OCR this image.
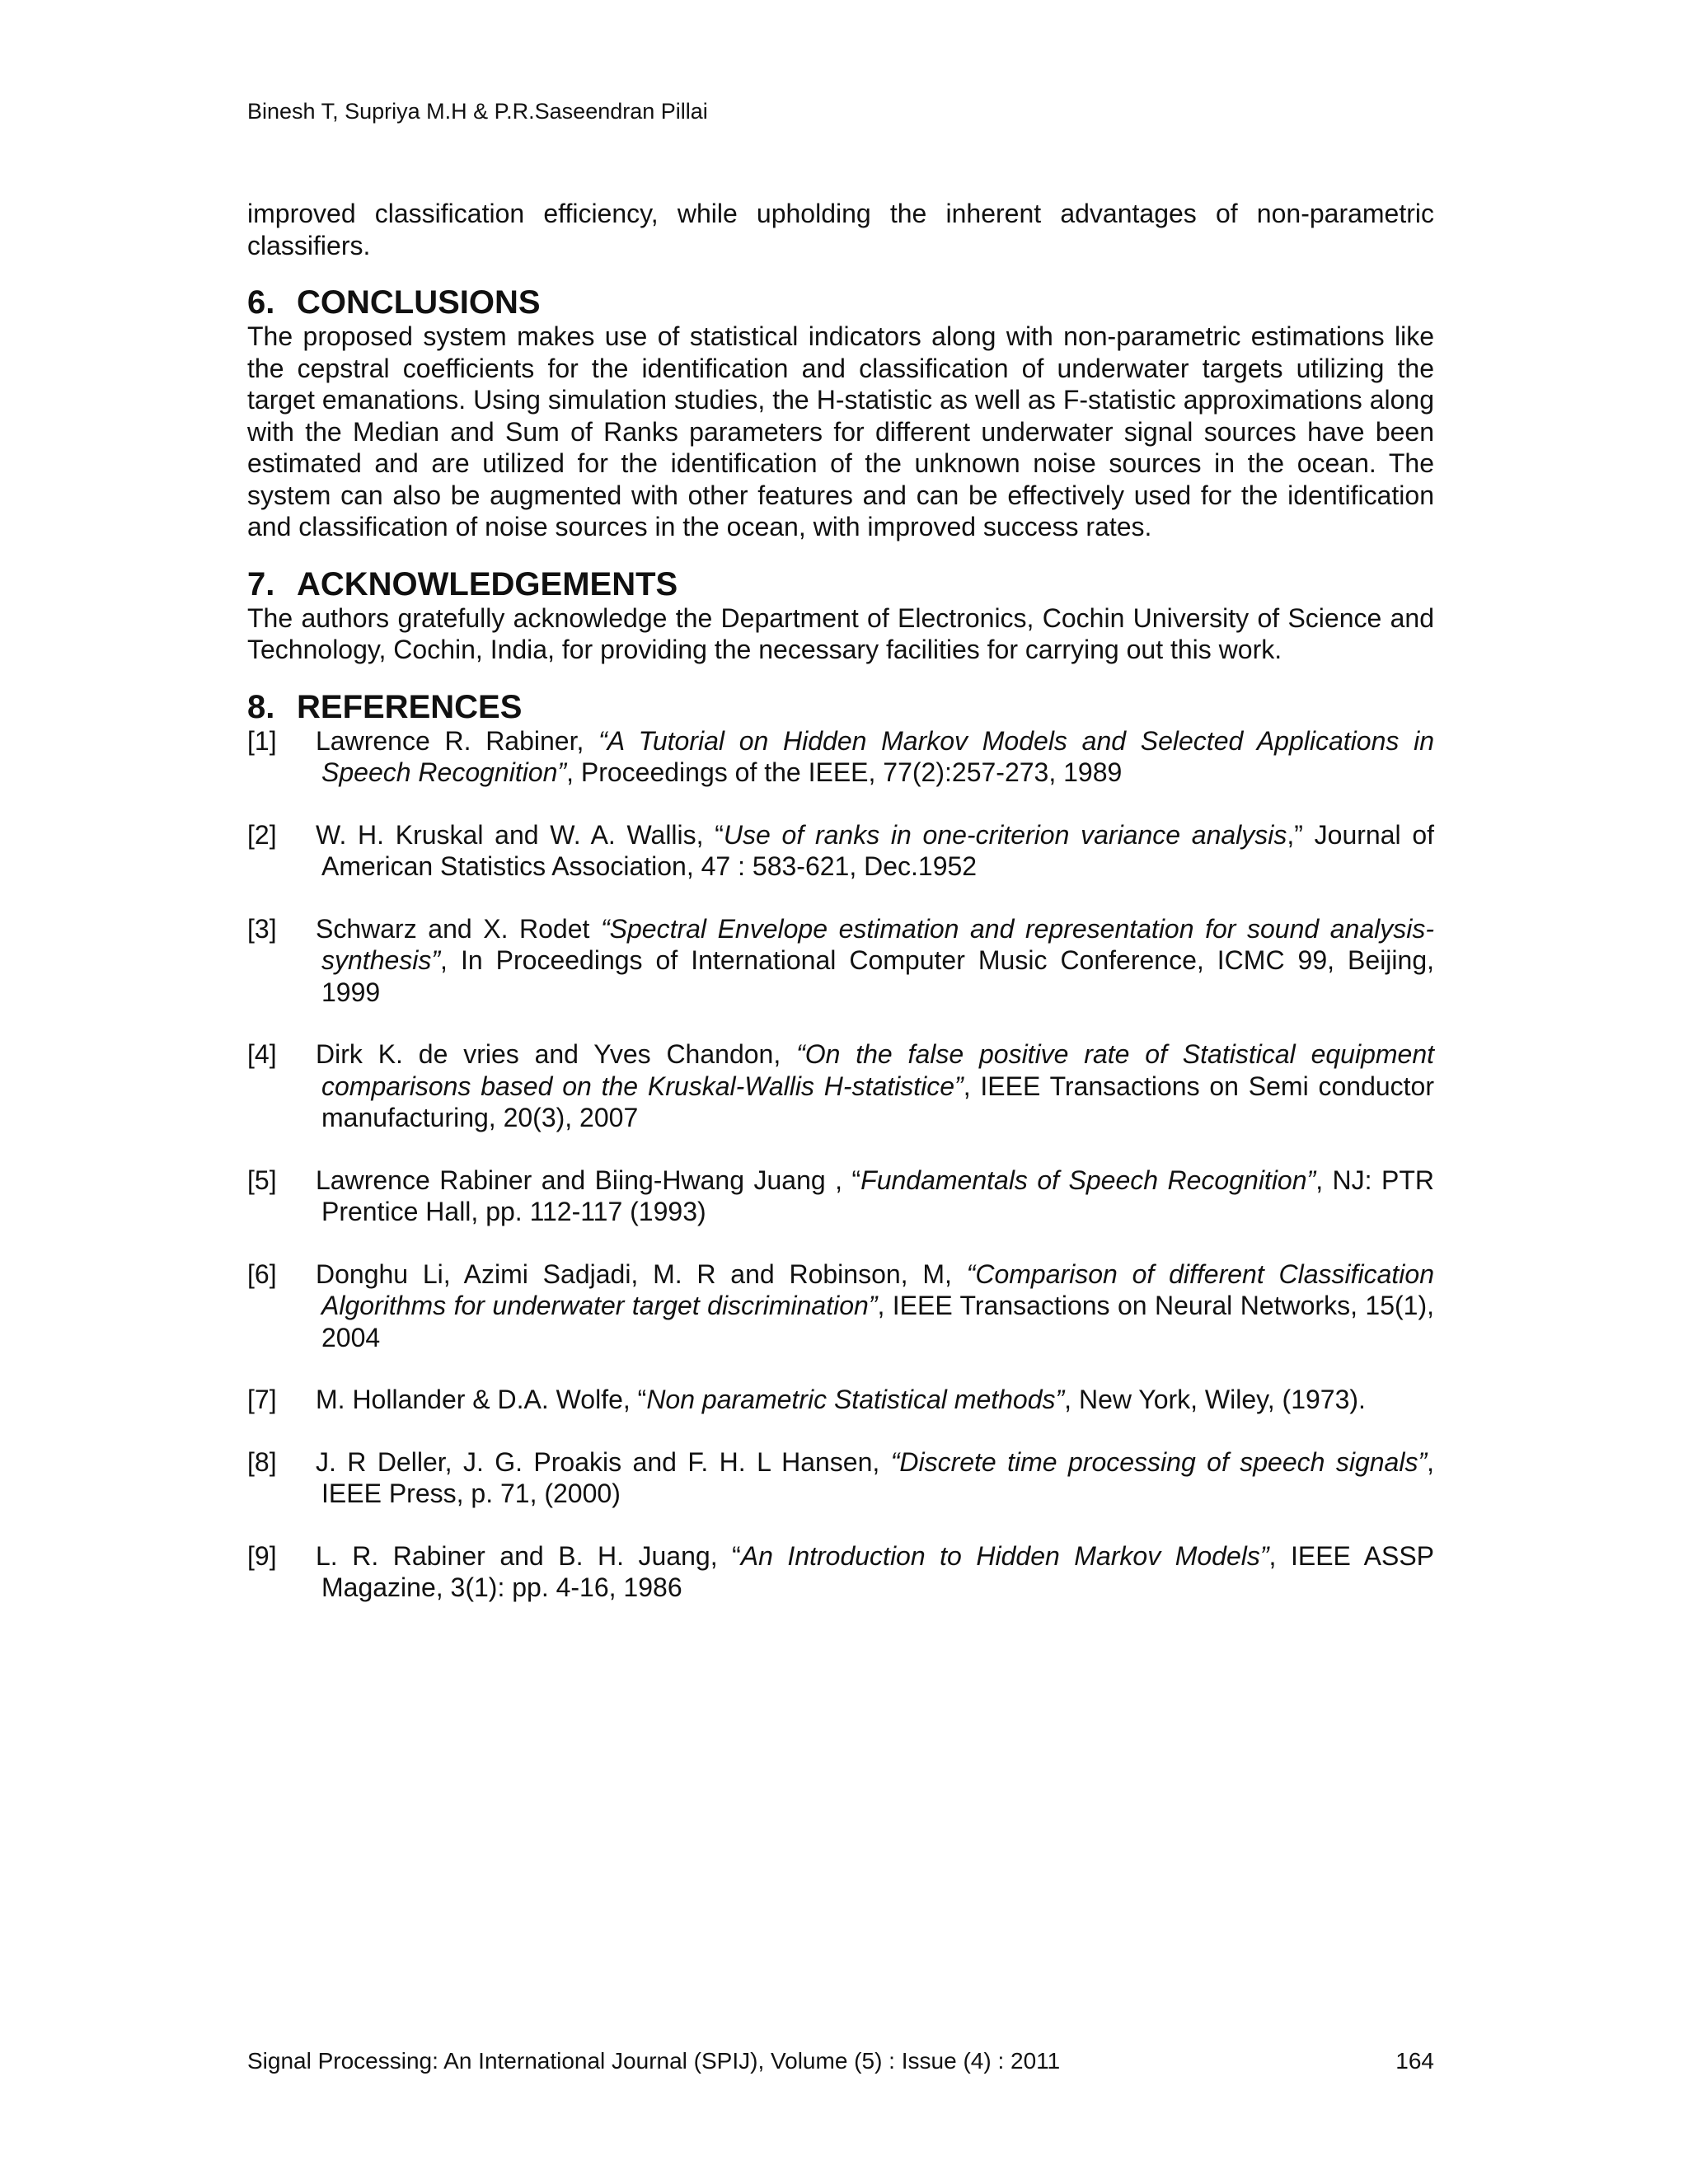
Binesh T, Supriya M.H & P.R.Saseendran Pillai

improved classification efficiency, while upholding the inherent advantages of non-parametric classifiers.

6. CONCLUSIONS

The proposed system makes use of statistical indicators along with non-parametric estimations like the cepstral coefficients for the identification and classification of underwater targets utilizing the target emanations. Using simulation studies, the H-statistic as well as F-statistic approximations along with the Median and Sum of Ranks parameters for different underwater signal sources have been estimated and are utilized for the identification of the unknown noise sources in the ocean. The system can also be augmented with other features and can be effectively used for the identification and classification of noise sources in the ocean, with improved success rates.

7. ACKNOWLEDGEMENTS

The authors gratefully acknowledge the Department of Electronics, Cochin University of Science and Technology, Cochin, India, for providing the necessary facilities for carrying out this work.

8. REFERENCES
[1] Lawrence R. Rabiner, “A Tutorial on Hidden Markov Models and Selected Applications in Speech Recognition”, Proceedings of the IEEE, 77(2):257-273, 1989
[2] W. H. Kruskal and W. A. Wallis, “Use of ranks in one-criterion variance analysis,” Journal of American Statistics Association, 47 : 583-621, Dec.1952
[3] Schwarz and X. Rodet “Spectral Envelope estimation and representation for sound analysis- synthesis”, In Proceedings of International Computer Music Conference, ICMC 99, Beijing, 1999
[4] Dirk K. de vries and Yves Chandon, “On the false positive rate of Statistical equipment comparisons based on the Kruskal-Wallis H-statistice”, IEEE Transactions on Semi conductor manufacturing, 20(3), 2007
[5] Lawrence Rabiner and Biing-Hwang Juang , “Fundamentals of Speech Recognition”, NJ: PTR Prentice Hall, pp. 112-117 (1993)
[6] Donghu Li, Azimi Sadjadi, M. R and Robinson, M, “Comparison of different Classification Algorithms for underwater target discrimination”, IEEE Transactions on Neural Networks, 15(1), 2004
[7] M. Hollander & D.A. Wolfe, “Non parametric Statistical methods”, New York, Wiley, (1973).
[8] J. R Deller, J. G. Proakis and F. H. L Hansen, “Discrete time processing of speech signals”, IEEE Press, p. 71, (2000)
[9] L. R. Rabiner and B. H. Juang, “An Introduction to Hidden Markov Models”, IEEE ASSP Magazine, 3(1): pp. 4-16, 1986
Signal Processing: An International Journal (SPIJ), Volume (5) : Issue (4) : 2011	164
